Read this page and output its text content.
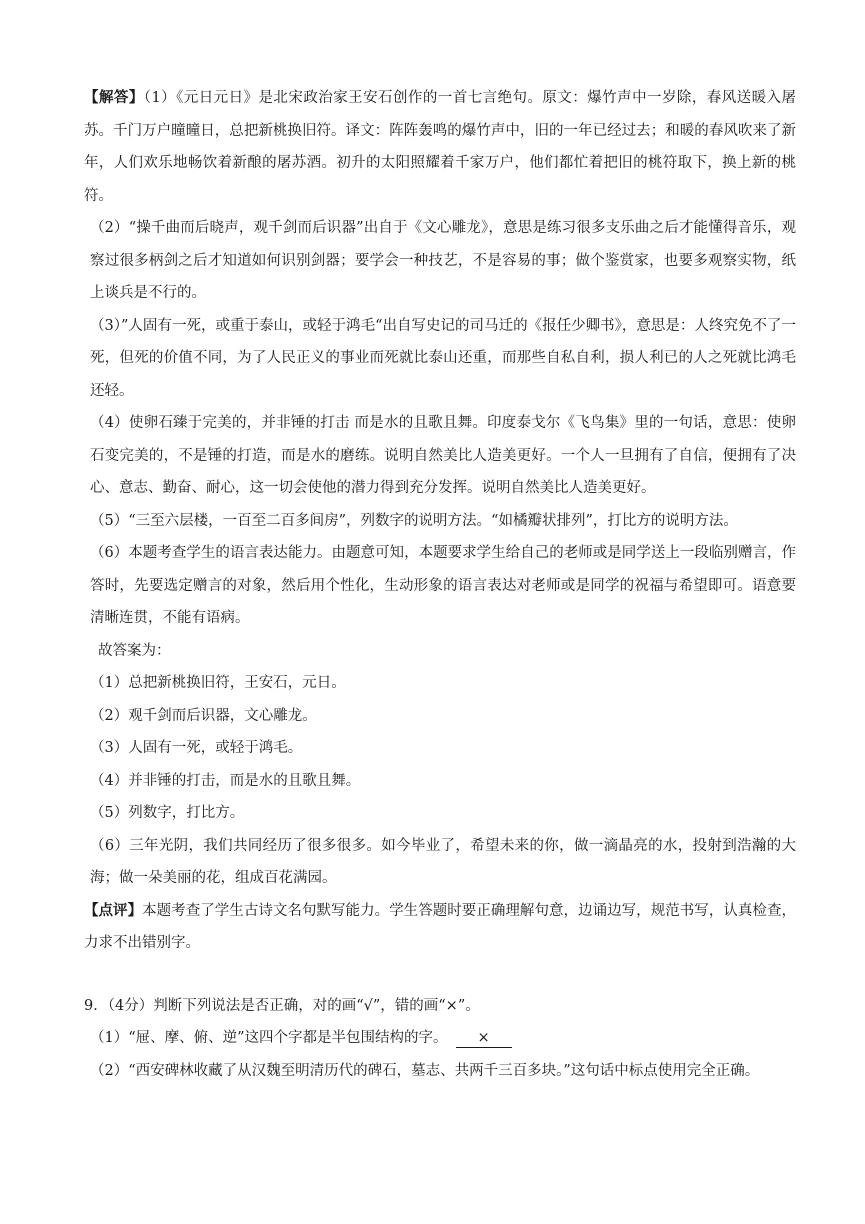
【解答】（1）《元日元日》是北宋政治家王安石创作的一首七言绝句。原文：爆竹声中一岁除，春风送暖入屠苏。千门万户曈曈日，总把新桃换旧符。译文：阵阵轰鸣的爆竹声中，旧的一年已经过去；和暖的春风吹来了新年，人们欢乐地畅饮着新酿的屠苏酒。初升的太阳照耀着千家万户，他们都忙着把旧的桃符取下，换上新的桃符。

（2）“操千曲而后晓声，观千剑而后识器”出自于《文心雕龙》，意思是练习很多支乐曲之后才能懂得音乐，观察过很多柄剑之后才知道如何识别剑器；要学会一种技艺，不是容易的事；做个鉴赏家，也要多观察实物，纸上谈兵是不行的。

（3）”人固有一死，或重于泰山，或轻于鸿毛“出自写史记的司马迁的《报任少卿书》，意思是：人终究免不了一死，但死的价值不同，为了人民正义的事业而死就比泰山还重，而那些自私自利，损人利已的人之死就比鸿毛还轻。

（4）使卵石臻于完美的，并非锤的打击 而是水的且歌且舞。印度泰戈尔《飞鸟集》里的一句话，意思：使卵石变完美的，不是锤的打造，而是水的磨练。说明自然美比人造美更好。一个人一旦拥有了自信，便拥有了决心、意志、勤奋、耐心，这一切会使他的潜力得到充分发挥。说明自然美比人造美更好。

（5）“三至六层楼，一百至二百多间房”，列数字的说明方法。“如橘瓣状排列”，打比方的说明方法。

（6）本题考查学生的语言表达能力。由题意可知，本题要求学生给自己的老师或是同学送上一段临别赠言，作答时，先要选定赠言的对象，然后用个性化，生动形象的语言表达对老师或是同学的祝福与希望即可。语意要清晰连贯，不能有语病。

故答案为：

（1）总把新桃换旧符，王安石，元日。

（2）观千剑而后识器，文心雕龙。

（3）人固有一死，或轻于鸿毛。

（4）并非锤的打击，而是水的且歌且舞。

（5）列数字，打比方。

（6）三年光阴，我们共同经历了很多很多。如今毕业了，希望未来的你，做一滴晶亮的水，投射到浩瀚的大海；做一朵美丽的花，组成百花满园。

【点评】本题考查了学生古诗文名句默写能力。学生答题时要正确理解句意，边诵边写，规范书写，认真检查，力求不出错别字。

9．（4分）判断下列说法是否正确，对的画“√”，错的画“×”。

（1）“屉、摩、俯、逆”这四个字都是半包围结构的字。 ×

（2）“西安碑林收藏了从汉魏至明清历代的碑石，墓志、共两千三百多块。”这句话中标点使用完全正确。
